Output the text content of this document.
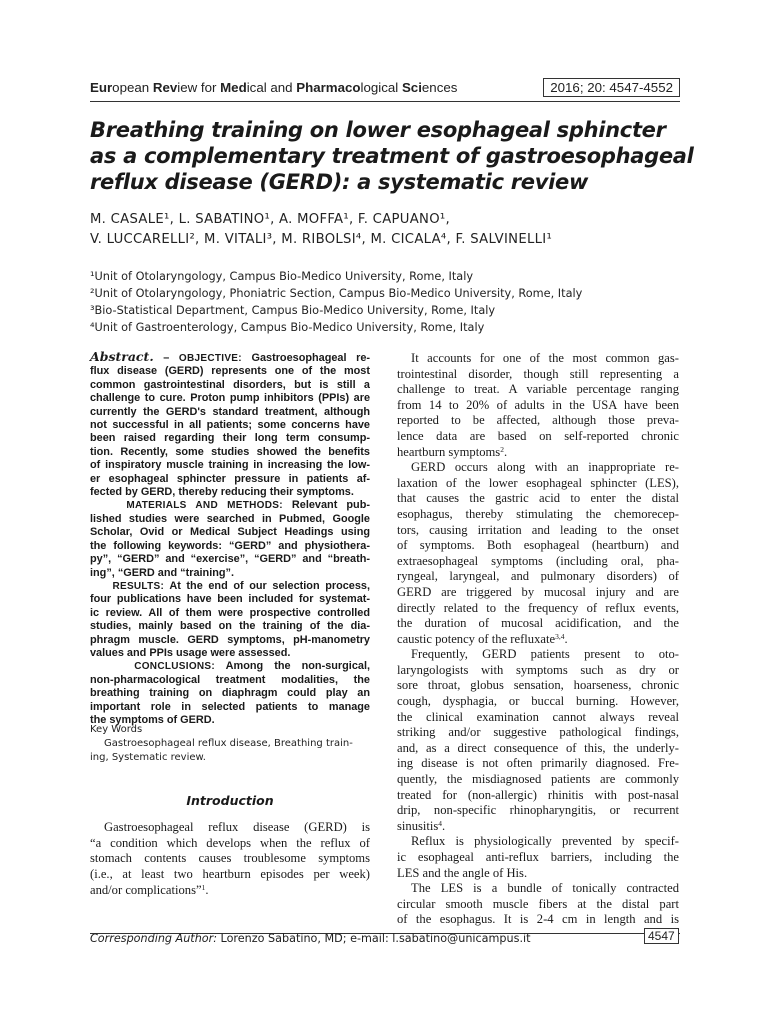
European Review for Medical and Pharmacological Sciences	2016; 20: 4547-4552
Breathing training on lower esophageal sphincter
as a complementary treatment of gastroesophageal
reflux disease (GERD): a systematic review
M. CASALE¹, L. SABATINO¹, A. MOFFA¹, F. CAPUANO¹,
V. LUCCARELLI², M. VITALI³, M. RIBOLSI⁴, M. CICALA⁴, F. SALVINELLI¹
¹Unit of Otolaryngology, Campus Bio-Medico University, Rome, Italy
²Unit of Otolaryngology, Phoniatric Section, Campus Bio-Medico University, Rome, Italy
³Bio-Statistical Department, Campus Bio-Medico University, Rome, Italy
⁴Unit of Gastroenterology, Campus Bio-Medico University, Rome, Italy
Abstract. – OBJECTIVE: Gastroesophageal re-
flux disease (GERD) represents one of the most
common gastrointestinal disorders, but is still a
challenge to cure. Proton pump inhibitors (PPIs) are
currently the GERD's standard treatment, although
not successful in all patients; some concerns have
been raised regarding their long term consump-
tion. Recently, some studies showed the benefits
of inspiratory muscle training in increasing the low-
er esophageal sphincter pressure in patients af-
fected by GERD, thereby reducing their symptoms.
MATERIALS AND METHODS: Relevant pub-
lished studies were searched in Pubmed, Google
Scholar, Ovid or Medical Subject Headings using
the following keywords: “GERD” and physiothera-
py”, “GERD” and “exercise”, “GERD” and “breath-
ing”, “GERD and “training”.
RESULTS: At the end of our selection process,
four publications have been included for systemat-
ic review. All of them were prospective controlled
studies, mainly based on the training of the dia-
phragm muscle. GERD symptoms, pH-manometry
values and PPIs usage were assessed.
CONCLUSIONS: Among the non-surgical,
non-pharmacological treatment modalities, the
breathing training on diaphragm could play an
important role in selected patients to manage
the symptoms of GERD.
Key Words
Gastroesophageal reflux disease, Breathing train-
ing, Systematic review.
Introduction
Gastroesophageal reflux disease (GERD) is
“a condition which develops when the reflux of
stomach contents causes troublesome symptoms
(i.e., at least two heartburn episodes per week)
and/or complications”$^1$.
It accounts for one of the most common gas-
trointestinal disorder, though still representing a
challenge to treat. A variable percentage ranging
from 14 to 20% of adults in the USA have been
reported to be affected, although those preva-
lence data are based on self-reported chronic
heartburn symptoms$^2$.
GERD occurs along with an inappropriate re-
laxation of the lower esophageal sphincter (LES),
that causes the gastric acid to enter the distal
esophagus, thereby stimulating the chemorecep-
tors, causing irritation and leading to the onset
of symptoms. Both esophageal (heartburn) and
extraesophageal symptoms (including oral, pha-
ryngeal, laryngeal, and pulmonary disorders) of
GERD are triggered by mucosal injury and are
directly related to the frequency of reflux events,
the duration of mucosal acidification, and the
caustic potency of the refluxate$^{3,4}$.
Frequently, GERD patients present to oto-
laryngologists with symptoms such as dry or
sore throat, globus sensation, hoarseness, chronic
cough, dysphagia, or buccal burning. However,
the clinical examination cannot always reveal
striking and/or suggestive pathological findings,
and, as a direct consequence of this, the underly-
ing disease is not often primarily diagnosed. Fre-
quently, the misdiagnosed patients are commonly
treated for (non-allergic) rhinitis with post-nasal
drip, non-specific rhinopharyngitis, or recurrent
sinusitis$^4$.
Reflux is physiologically prevented by specif-
ic esophageal anti-reflux barriers, including the
LES and the angle of His.
The LES is a bundle of tonically contracted
circular smooth muscle fibers at the distal part
of the esophagus. It is 2-4 cm in length and is
Corresponding Author: Lorenzo Sabatino, MD; e-mail: l.sabatino@unicampus.it	4547
